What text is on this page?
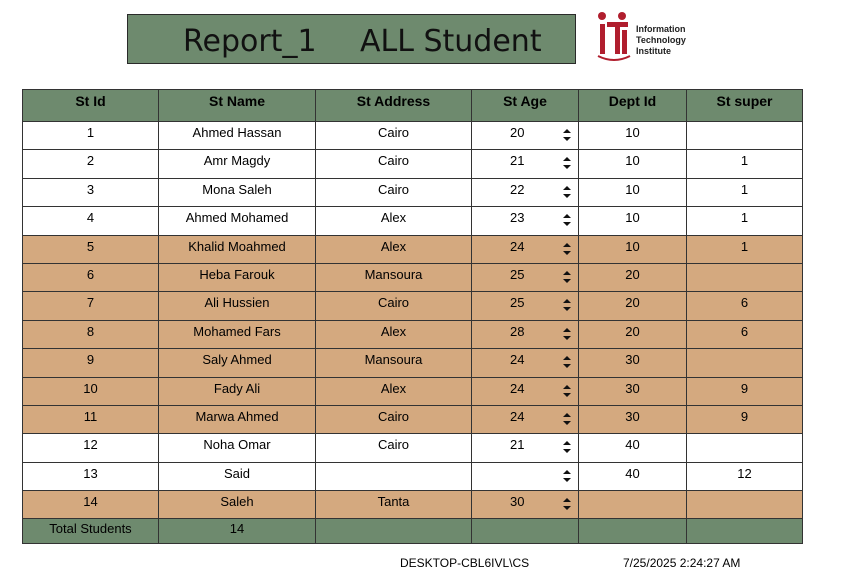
Report_1 ALL Student	Information
Technology
Institute
St Id	St Name	St Address	St Age	Dept Id	St super
1	Ahmed Hassan	Cairo	20	10	
2	Amr Magdy	Cairo	21	10	1
3	Mona Saleh	Cairo	22	10	1
4	Ahmed Mohamed	Alex	23	10	1
5	Khalid Moahmed	Alex	24	10	1
6	Heba Farouk	Mansoura	25	20	
7	Ali Hussien	Cairo	25	20	6
8	Mohamed Fars	Alex	28	20	6
9	Saly Ahmed	Mansoura	24	30	
10	Fady Ali	Alex	24	30	9
11	Marwa Ahmed	Cairo	24	30	9
12	Noha Omar	Cairo	21	40	
13	Said			40	12
14	Saleh	Tanta	30		

Total Students	14				
DESKTOP-CBL6IVL\CS	7/25/2025 2:24:27 AM
